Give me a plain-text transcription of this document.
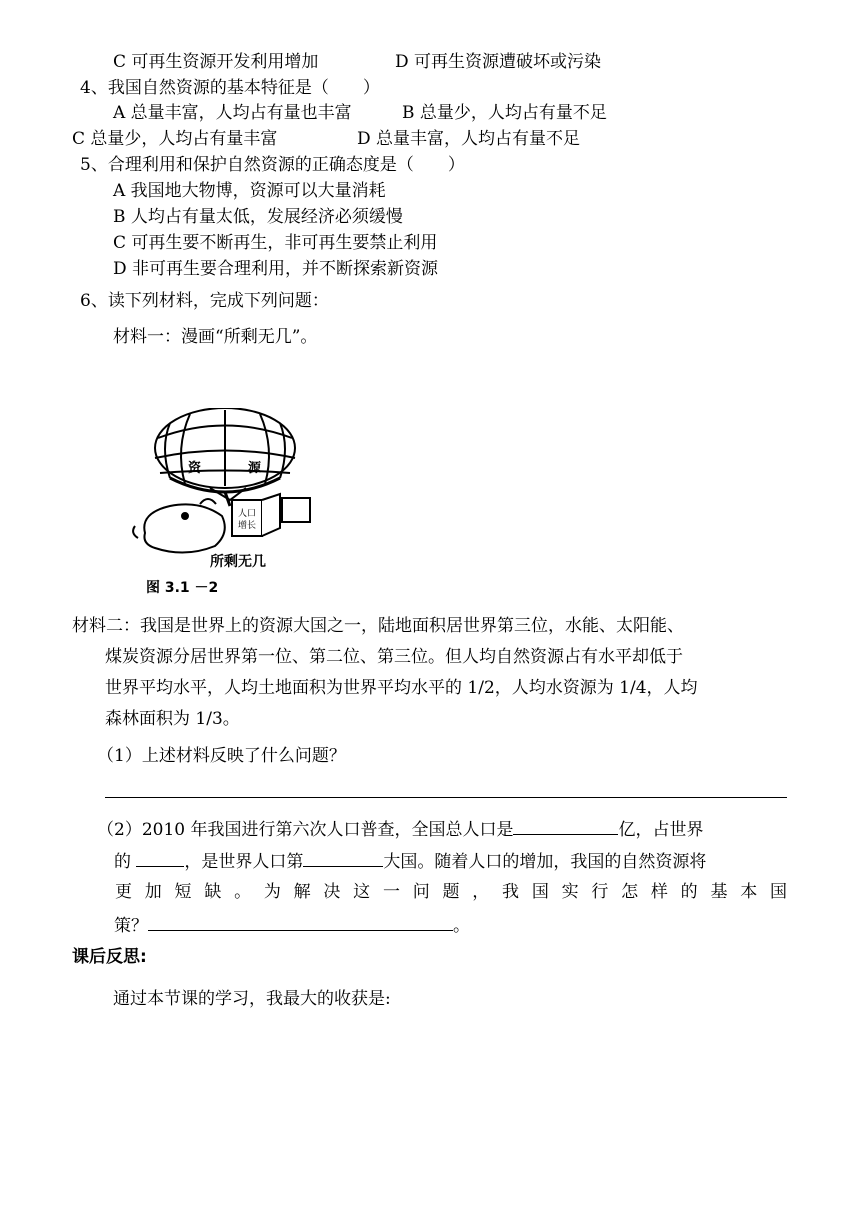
C 可再生资源开发利用增加	D 可再生资源遭破坏或污染
4、我国自然资源的基本特征是（　　）
A 总量丰富，人均占有量也丰富	B 总量少，人均占有量不足
C 总量少，人均占有量丰富	D 总量丰富，人均占有量不足
5、合理利用和保护自然资源的正确态度是（　　）
A 我国地大物博，资源可以大量消耗
B 人均占有量太低，发展经济必须缓慢
C 可再生要不断再生，非可再生要禁止利用
D 非可再生要合理利用，并不断探索新资源
6、读下列材料，完成下列问题：
材料一：漫画“所剩无几”。
人口
增长
资	源
所剩无几
图 3.1 －2
材料二：我国是世界上的资源大国之一，陆地面积居世界第三位，水能、太阳能、
煤炭资源分居世界第一位、第二位、第三位。但人均自然资源占有水平却低于
世界平均水平，人均土地面积为世界平均水平的 1/2，人均水资源为 1/4，人均
森林面积为 1/3。
（1）上述材料反映了什么问题？
（2）2010 年我国进行第六次人口普查，全国总人口是	亿，占世界
的	，是世界人口第	大国。随着人口的增加，我国的自然资源将
更加短缺。为解决这一问题，我国实行怎样的基本国
策？	。
课后反思:
通过本节课的学习，我最大的收获是:
